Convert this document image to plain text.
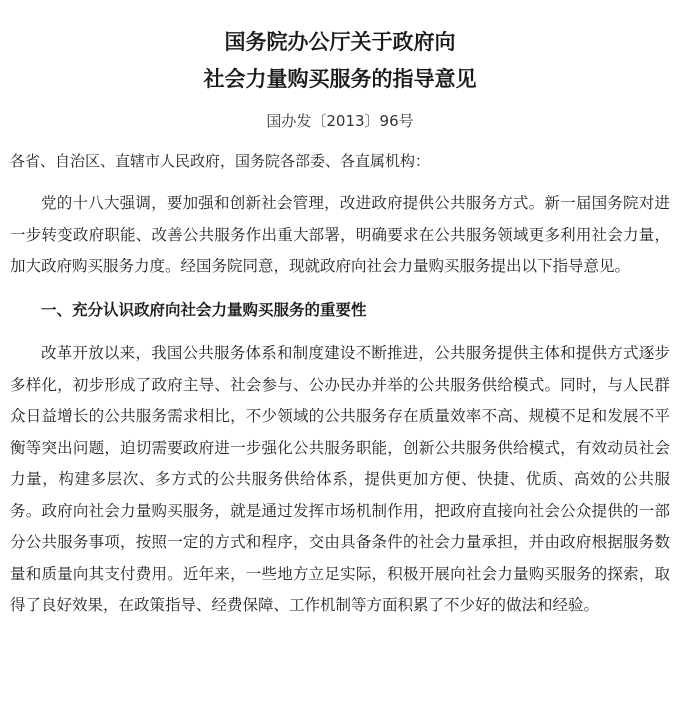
国务院办公厅关于政府向
社会力量购买服务的指导意见
国办发〔2013〕96号
各省、自治区、直辖市人民政府，国务院各部委、各直属机构：

党的十八大强调，要加强和创新社会管理，改进政府提供公共服务方式。新一届国务院对进一步转变政府职能、改善公共服务作出重大部署，明确要求在公共服务领域更多利用社会力量，加大政府购买服务力度。经国务院同意，现就政府向社会力量购买服务提出以下指导意见。

一、充分认识政府向社会力量购买服务的重要性

改革开放以来，我国公共服务体系和制度建设不断推进，公共服务提供主体和提供方式逐步多样化，初步形成了政府主导、社会参与、公办民办并举的公共服务供给模式。同时，与人民群众日益增长的公共服务需求相比，不少领域的公共服务存在质量效率不高、规模不足和发展不平衡等突出问题，迫切需要政府进一步强化公共服务职能，创新公共服务供给模式，有效动员社会力量，构建多层次、多方式的公共服务供给体系，提供更加方便、快捷、优质、高效的公共服务。政府向社会力量购买服务，就是通过发挥市场机制作用，把政府直接向社会公众提供的一部分公共服务事项，按照一定的方式和程序，交由具备条件的社会力量承担，并由政府根据服务数量和质量向其支付费用。近年来，一些地方立足实际，积极开展向社会力量购买服务的探索，取得了良好效果，在政策指导、经费保障、工作机制等方面积累了不少好的做法和经验。
